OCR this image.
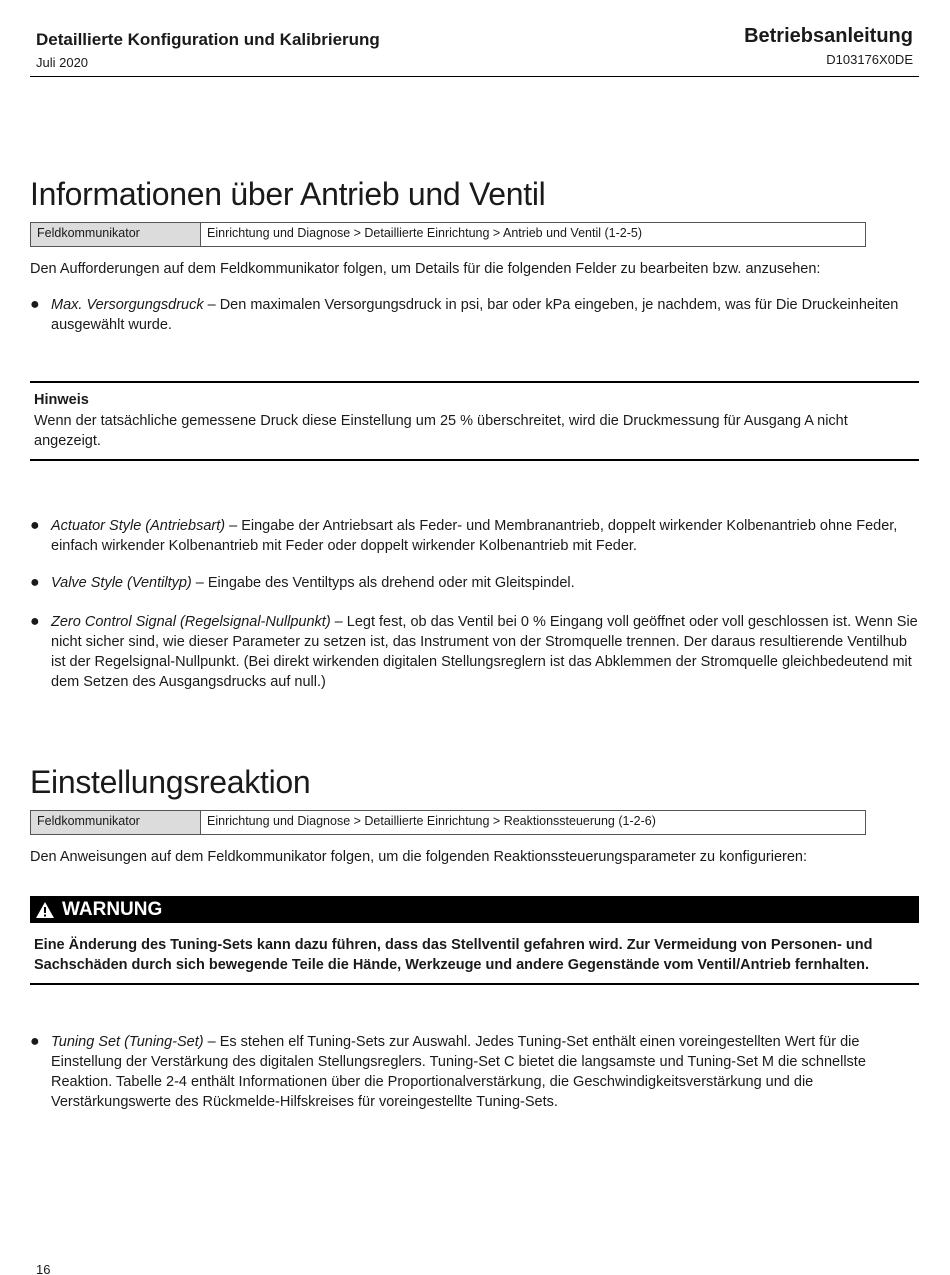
Detaillierte Konfiguration und Kalibrierung
Juli 2020
Betriebsanleitung
D103176X0DE
Informationen über Antrieb und Ventil
Feldkommunikator	Einrichtung und Diagnose > Detaillierte Einrichtung > Antrieb und Ventil (1-2-5)

Den Aufforderungen auf dem Feldkommunikator folgen, um Details für die folgenden Felder zu bearbeiten bzw. anzusehen:

● Max. Versorgungsdruck – Den maximalen Versorgungsdruck in psi, bar oder kPa eingeben, je nachdem, was für Die Druckeinheiten ausgewählt wurde.
Hinweis
Wenn der tatsächliche gemessene Druck diese Einstellung um 25 % überschreitet, wird die Druckmessung für Ausgang A nicht angezeigt.
● Actuator Style (Antriebsart) – Eingabe der Antriebsart als Feder- und Membranantrieb, doppelt wirkender Kolbenantrieb ohne Feder, einfach wirkender Kolbenantrieb mit Feder oder doppelt wirkender Kolbenantrieb mit Feder.
● Valve Style (Ventiltyp) – Eingabe des Ventiltyps als drehend oder mit Gleitspindel.
● Zero Control Signal (Regelsignal-Nullpunkt) – Legt fest, ob das Ventil bei 0 % Eingang voll geöffnet oder voll geschlossen ist. Wenn Sie nicht sicher sind, wie dieser Parameter zu setzen ist, das Instrument von der Stromquelle trennen. Der daraus resultierende Ventilhub ist der Regelsignal-Nullpunkt. (Bei direkt wirkenden digitalen Stellungsreglern ist das Abklemmen der Stromquelle gleichbedeutend mit dem Setzen des Ausgangsdrucks auf null.)
Einstellungsreaktion
Feldkommunikator	Einrichtung und Diagnose > Detaillierte Einrichtung > Reaktionssteuerung (1-2-6)

Den Anweisungen auf dem Feldkommunikator folgen, um die folgenden Reaktionssteuerungsparameter zu konfigurieren:

WARNUNG
Eine Änderung des Tuning-Sets kann dazu führen, dass das Stellventil gefahren wird. Zur Vermeidung von Personen- und Sachschäden durch sich bewegende Teile die Hände, Werkzeuge und andere Gegenstände vom Ventil/Antrieb fernhalten.
● Tuning Set (Tuning-Set) – Es stehen elf Tuning-Sets zur Auswahl. Jedes Tuning-Set enthält einen voreingestellten Wert für die Einstellung der Verstärkung des digitalen Stellungsreglers. Tuning-Set C bietet die langsamste und Tuning-Set M die schnellste Reaktion. Tabelle 2-4 enthält Informationen über die Proportionalverstärkung, die Geschwindigkeitsverstärkung und die Verstärkungswerte des Rückmelde-Hilfskreises für voreingestellte Tuning-Sets.
16
